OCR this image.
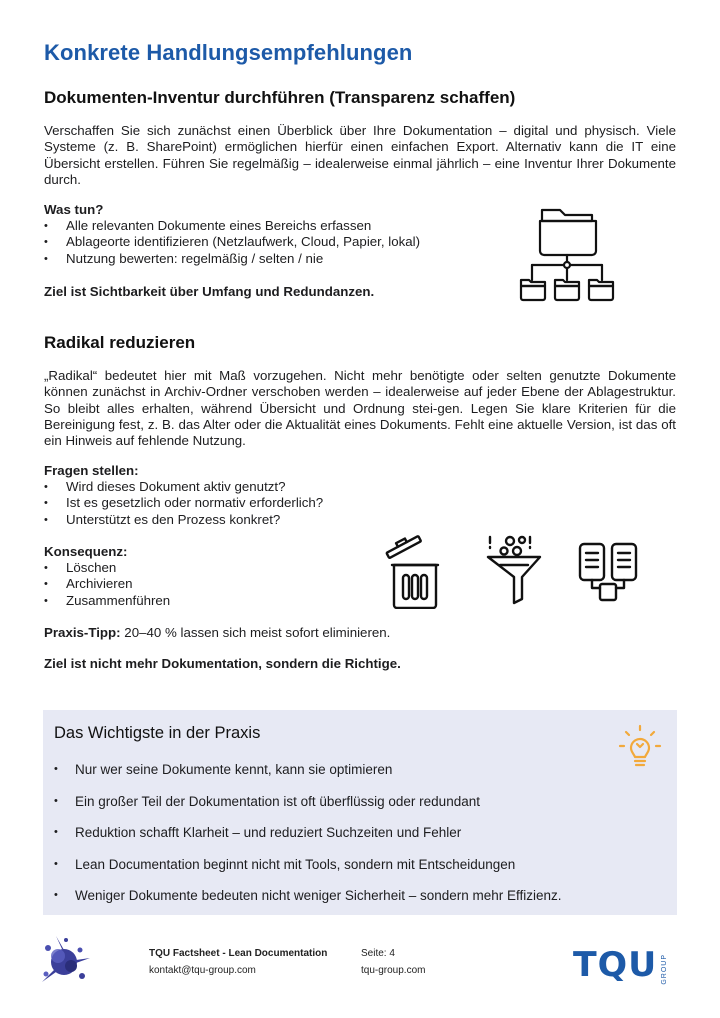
Konkrete Handlungsempfehlungen
Dokumenten-Inventur durchführen (Transparenz schaffen)

Verschaffen Sie sich zunächst einen Überblick über Ihre Dokumentation – digital und physisch. Viele Systeme (z. B. SharePoint) ermöglichen hierfür einen einfachen Export. Alternativ kann die IT eine Übersicht erstellen. Führen Sie regelmäßig – idealerweise einmal jährlich – eine Inventur Ihrer Dokumente durch.

Was tun?

• Alle relevanten Dokumente eines Bereichs erfassen
• Ablageorte identifizieren (Netzlaufwerk, Cloud, Papier, lokal)
• Nutzung bewerten: regelmäßig / selten / nie

Ziel ist Sichtbarkeit über Umfang und Redundanzen.

Radikal reduzieren

„Radikal“ bedeutet hier mit Maß vorzugehen. Nicht mehr benötigte oder selten genutzte Dokumente können zunächst in Archiv-Ordner verschoben werden – idealerweise auf jeder Ebene der Ablagestruktur. So bleibt alles erhalten, während Übersicht und Ordnung stei-gen. Legen Sie klare Kriterien für die Bereinigung fest, z. B. das Alter oder die Aktualität eines Dokuments. Fehlt eine aktuelle Version, ist das oft ein Hinweis auf fehlende Nutzung.

Fragen stellen:

• Wird dieses Dokument aktiv genutzt?
• Ist es gesetzlich oder normativ erforderlich?
• Unterstützt es den Prozess konkret?

Konsequenz:

• Löschen
• Archivieren
• Zusammenführen

Praxis-Tipp: 20–40 % lassen sich meist sofort eliminieren.

Ziel ist nicht mehr Dokumentation, sondern die Richtige.

Das Wichtigste in der Praxis
• Nur wer seine Dokumente kennt, kann sie optimieren
• Ein großer Teil der Dokumentation ist oft überflüssig oder redundant
• Reduktion schafft Klarheit – und reduziert Suchzeiten und Fehler
• Lean Documentation beginnt nicht mit Tools, sondern mit Entscheidungen
• Weniger Dokumente bedeuten nicht weniger Sicherheit – sondern mehr Effizienz.
TQU Factsheet - Lean Documentation
kontakt@tqu-group.com
Seite: 4
tqu-group.com	TQU GROUP
